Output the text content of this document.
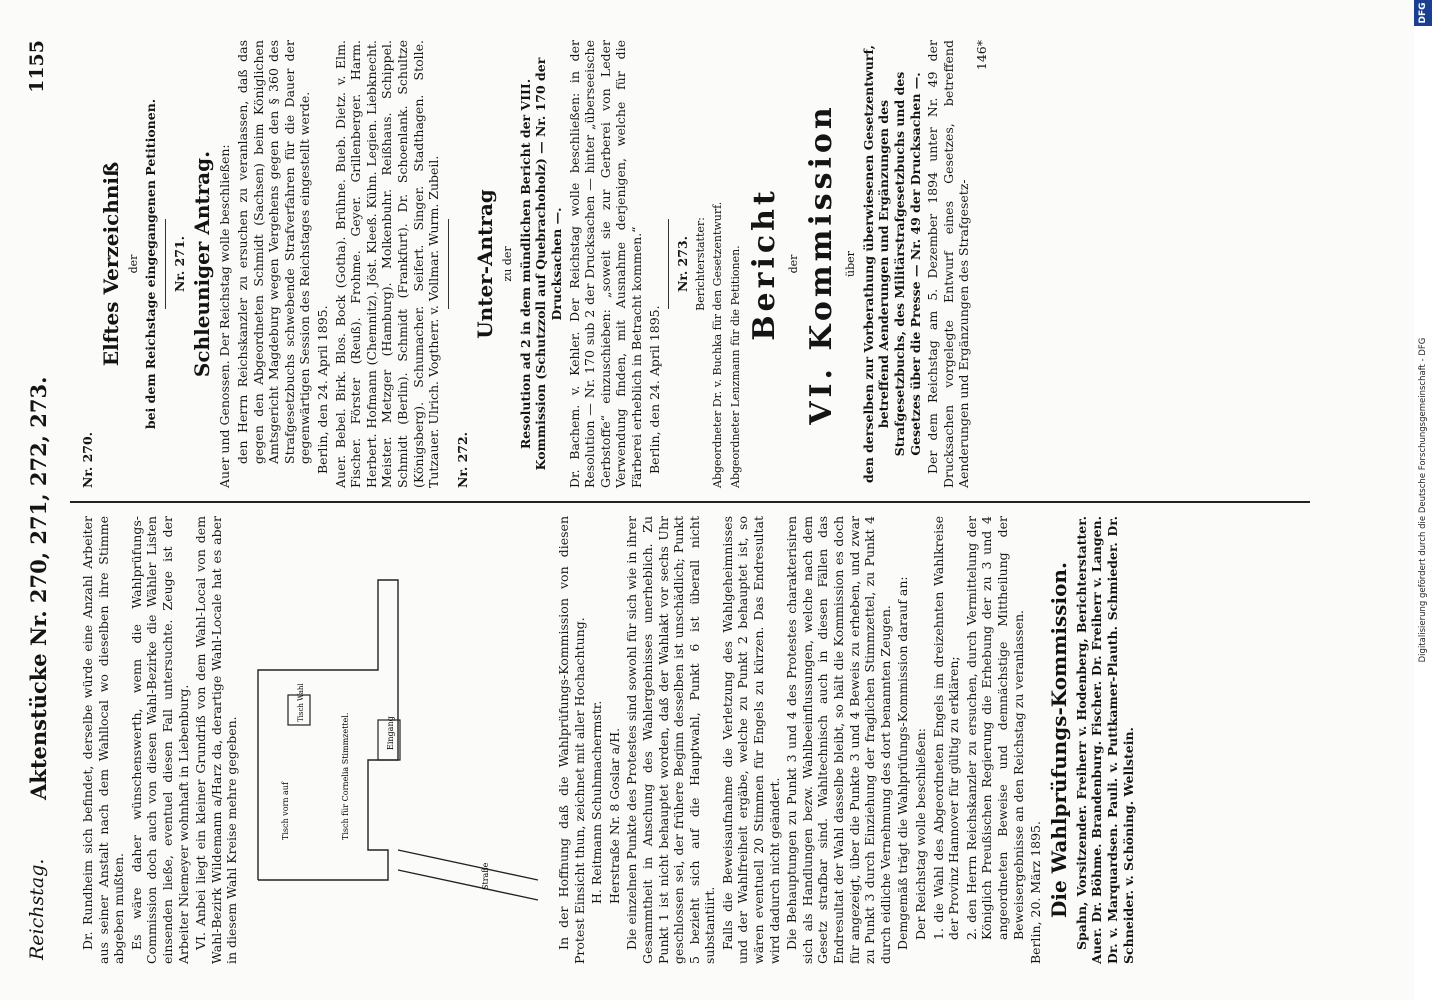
Reichstag.
Aktenstücke Nr. 270, 271, 272, 273.
1155

Dr. Rundheim sich befindet, derselbe würde eine Anzahl Arbeiter aus seiner Anstalt nach dem Wahllocal wo dieselben ihre Stimme abgeben mußten. Es wäre daher wünschenswerth, wenn die Wahlprüfungs-Commission doch auch von diesen Wahl-Bezirke die Wähler Listen einsenden ließe, eventuel diesen Fall untersuchte. Zeuge ist der Arbeiter Niemeyer wohnhaft in Liebenburg. VI. Anbei liegt ein kleiner Grundriß von dem Wahl-Local von dem Wahl-Bezirk Wildemann a/Harz da, derartige Wahl-Locale hat es aber in diesem Wahl Kreise mehre gegeben.	Eingang
Tisch Wahl
Tisch für Cornelia Stimmzettel.
Tisch vorn auf
Straße	In der Hoffnung daß die Wahlprüfungs-Kommission von diesen Protest Einsicht thun, zeichnet mit aller Hochachtung. H. Reitmann Schuhmachermstr. Herstraße Nr. 8 Goslar a/H. Die einzelnen Punkte des Protestes sind sowohl für sich wie in ihrer Gesammtheit in Anschung des Wahlergebnisses unerheblich. Zu Punkt 1 ist nicht behauptet worden, daß der Wahlakt vor sechs Uhr geschlossen sei, der frühere Beginn desselben ist unschädlich; Punkt 5 bezieht sich auf die Hauptwahl, Punkt 6 ist überall nicht substantiirt. Falls die Beweisaufnahme die Verletzung des Wahlgeheimnisses und der Wahlfreiheit ergäbe, welche zu Punkt 2 behauptet ist, so wären eventuell 20 Stimmen für Engels zu kürzen. Das Endresultat wird dadurch nicht geändert. Die Behauptungen zu Punkt 3 und 4 des Protestes charakterisiren sich als Handlungen bezw. Wahlbeeinflussungen, welche nach dem Gesetz strafbar sind. Wahltechnisch auch in diesen Fällen das Endresultat der Wahl dasselbe bleibt, so hält die Kommission es doch für angezeigt, über die Punkte 3 und 4 Beweis zu erheben, und zwar zu Punkt 3 durch Einziehung der fraglichen Stimmzettel, zu Punkt 4 durch eidliche Vernehmung des dort benannten Zeugen. Demgemäß trägt die Wahlprüfungs-Kommission darauf an: Der Reichstag wolle beschließen: 1. die Wahl des Abgeordneten Engels im dreizehnten Wahlkreise der Provinz Hannover für gültig zu erklären; 2. den Herrn Reichskanzler zu ersuchen, durch Vermittelung der Königlich Preußischen Regierung die Erhebung der zu 3 und 4 angeordneten Beweise und demnächstige Mittheilung der Beweisergebnisse an den Reichstag zu veranlassen. Berlin, 20. März 1895. Die Wahlprüfungs-Kommission. Spahn, Vorsitzender. Freiherr v. Hodenberg, Berichterstatter. Auer. Dr. Böhme. Brandenburg. Fischer. Dr. Freiherr v. Langen. Dr. v. Marquardsen. Pauli. v. Puttkamer-Plauth. Schmieder. Dr. Schneider. v. Schöning. Wellstein.

Nr. 270.

Elftes Verzeichniß der bei dem Reichstage eingegangenen Petitionen. Nr. 271. Schleuniger Antrag. Auer und Genossen. Der Reichstag wolle beschließen: den Herrn Reichskanzler zu ersuchen zu veranlassen, daß das gegen den Abgeordneten Schmidt (Sachsen) beim Königlichen Amtsgericht Magdeburg wegen Vergehens gegen den § 360 des Strafgesetzbuchs schwebende Strafverfahren für die Dauer der gegenwärtigen Session des Reichstages eingestellt werde. Berlin, den 24. April 1895. Auer. Bebel. Birk. Blos. Bock (Gotha). Brühne. Bueb. Dietz. v. Elm. Fischer. Förster (Reuß). Frohme. Geyer. Grillenberger. Harm. Herbert. Hofmann (Chemnitz). Jöst. Kleeß. Kühn. Legien. Liebknecht. Meister. Metzger (Hamburg). Molkenbuhr. Reißhaus. Schippel. Schmidt (Berlin). Schmidt (Frankfurt). Dr. Schoenlank. Schultze (Königsberg). Schumacher. Seifert. Singer. Stadthagen. Stolle. Tutzauer. Ulrich. Vogtherr. v. Vollmar. Wurm. Zubeil. Nr. 272.

Unter-Antrag zu der Resolution ad 2 in dem mündlichen Bericht der VIII. Kommission (Schutzzoll auf Quebrachoholz) — Nr. 170 der Drucksachen —. Dr. Bachem. v. Kehler. Der Reichstag wolle beschließen: in der Resolution — Nr. 170 sub 2 der Drucksachen — hinter „überseeische Gerbstoffe“ einzuschieben: „soweit sie zur Gerberei von Leder Verwendung finden, mit Ausnahme derjenigen, welche für die Färberei erheblich in Betracht kommen.“ Berlin, den 24. April 1895.

Nr. 273. Berichterstatter: Abgeordneter Dr. v. Buchka für den Gesetzentwurf. Abgeordneter Lenzmann für die Petitionen. Bericht der VI. Kommission über den derselben zur Vorberathung überwiesenen Gesetzentwurf, betreffend Aenderungen und Ergänzungen des Strafgesetzbuchs, des Militärstrafgesetzbuchs und des Gesetzes über die Presse — Nr. 49 der Drucksachen —. Der dem Reichstag am 5. Dezember 1894 unter Nr. 49 der Drucksachen vorgelegte Entwurf eines Gesetzes, betreffend Aenderungen und Ergänzungen des Strafgesetz-

146*

Digitalisierung gefördert durch die Deutsche Forschungsgemeinschaft - DFG
DFG
